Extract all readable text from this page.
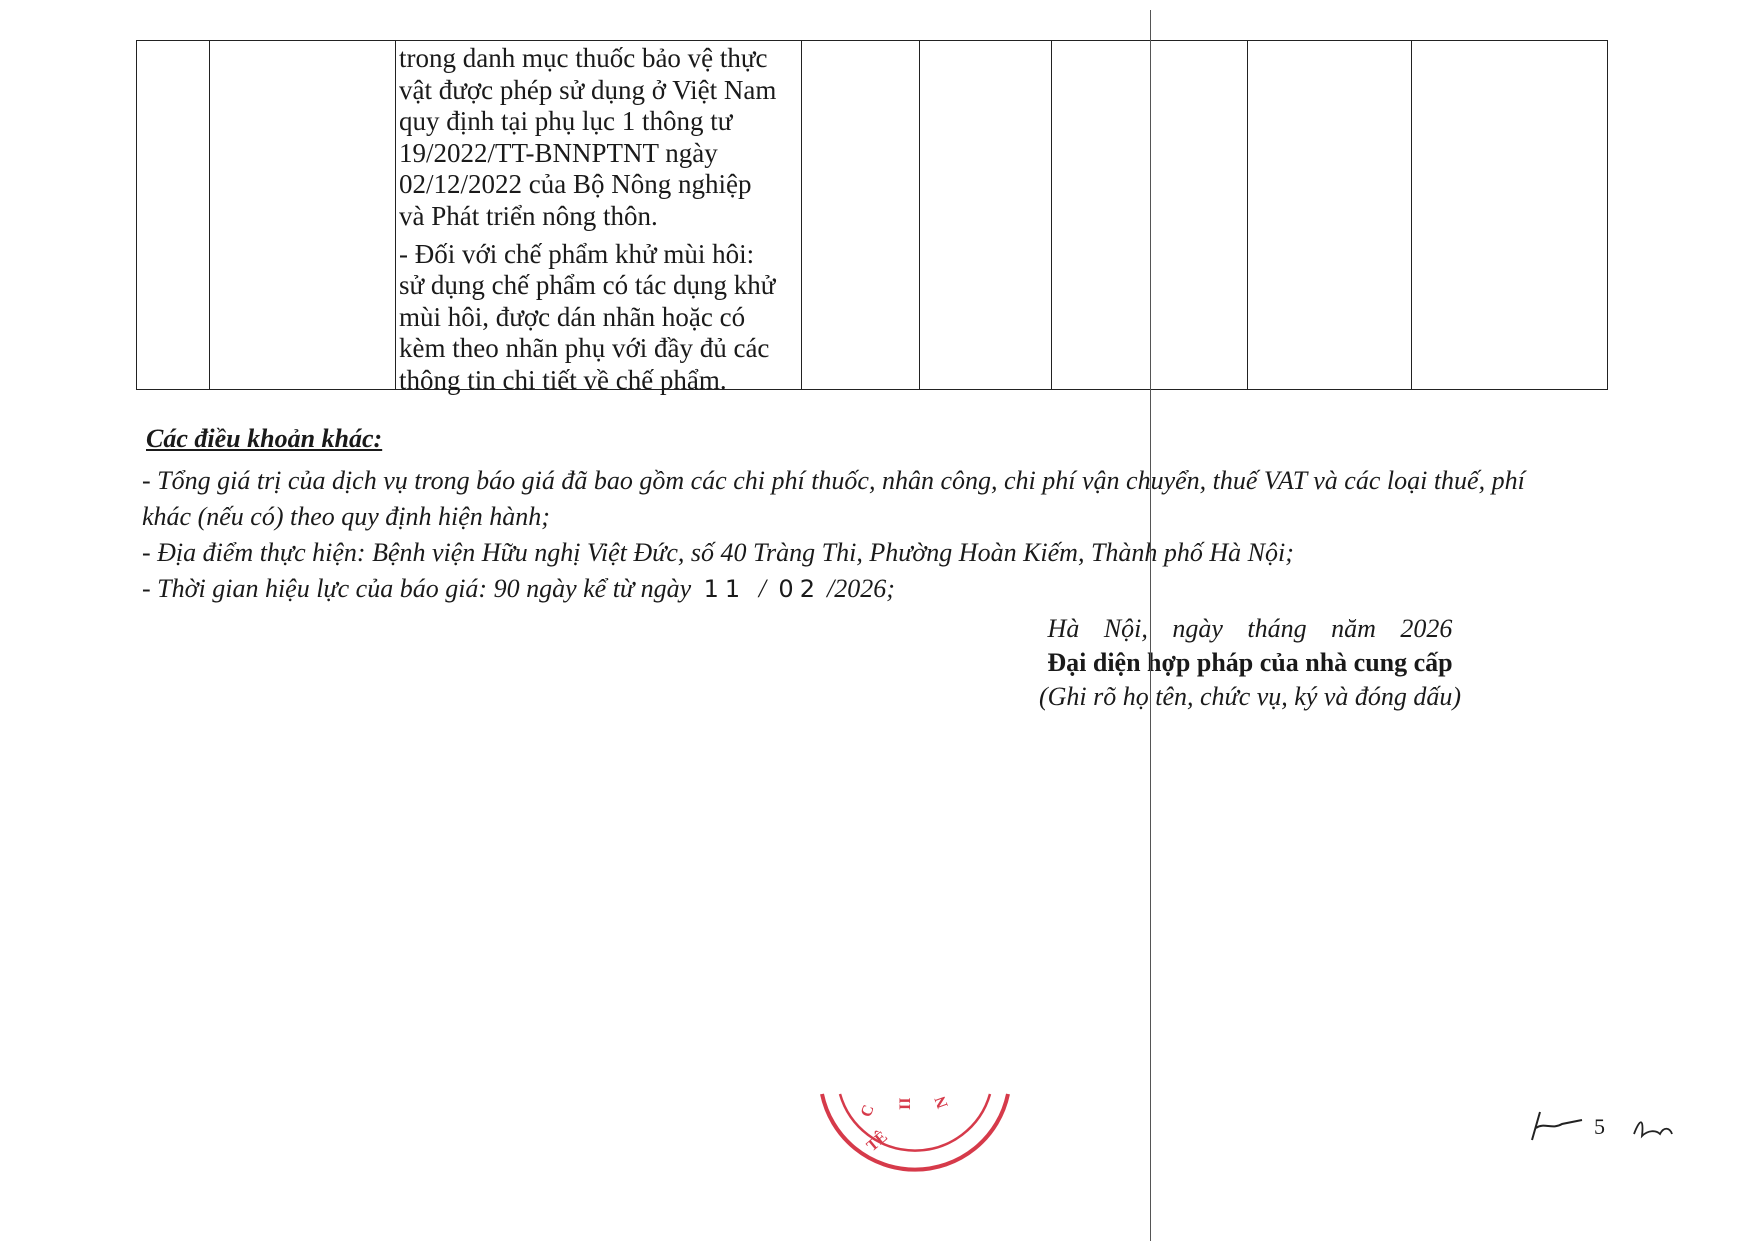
trong danh mục thuốc bảo vệ thực
vật được phép sử dụng ở Việt Nam
quy định tại phụ lục 1 thông tư
19/2022/TT-BNNPTNT ngày
02/12/2022 của Bộ Nông nghiệp
và Phát triển nông thôn.

- Đối với chế phẩm khử mùi hôi:
sử dụng chế phẩm có tác dụng khử
mùi hôi, được dán nhãn hoặc có
kèm theo nhãn phụ với đầy đủ các
thông tin chi tiết về chế phẩm.

Các điều khoản khác:

- Tổng giá trị của dịch vụ trong báo giá đã bao gồm các chi phí thuốc, nhân công, chi phí vận chuyển, thuế VAT và các loại thuế, phí

khác (nếu có) theo quy định hiện hành;

- Địa điểm thực hiện: Bệnh viện Hữu nghị Việt Đức, số 40 Tràng Thi, Phường Hoàn Kiếm, Thành phố Hà Nội;

- Thời gian hiệu lực của báo giá: 90 ngày kể từ ngày 11 / 02 /2026;

Hà Nội, ngày tháng năm 2026

Đại diện hợp pháp của nhà cung cấp

(Ghi rõ họ tên, chức vụ, ký và đóng dấu)

C II N
TÊ
5
